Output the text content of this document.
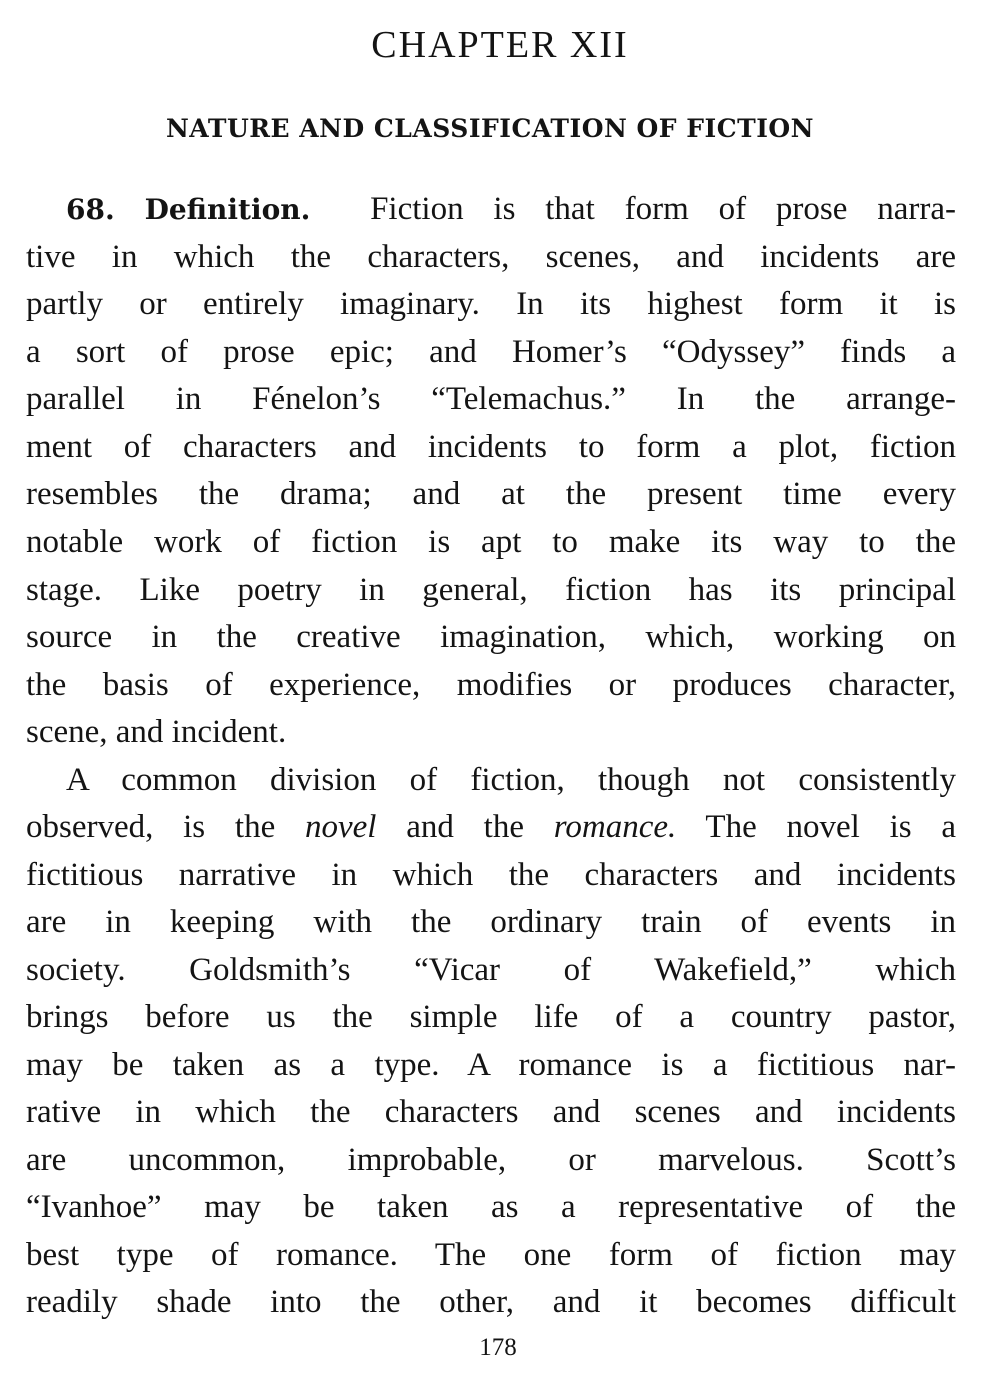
CHAPTER XII
NATURE AND CLASSIFICATION OF FICTION
68. Definition. Fiction is that form of prose narra-
tive in which the characters, scenes, and incidents are
partly or entirely imaginary. In its highest form it is
a sort of prose epic; and Homer’s “Odyssey” finds a
parallel in Fénelon’s “Telemachus.” In the arrange-
ment of characters and incidents to form a plot, fiction
resembles the drama; and at the present time every
notable work of fiction is apt to make its way to the
stage. Like poetry in general, fiction has its principal
source in the creative imagination, which, working on
the basis of experience, modifies or produces character,
scene, and incident.
A common division of fiction, though not consistently
observed, is the novel and the romance. The novel is a
fictitious narrative in which the characters and incidents
are in keeping with the ordinary train of events in
society. Goldsmith’s “Vicar of Wakefield,” which
brings before us the simple life of a country pastor,
may be taken as a type. A romance is a fictitious nar-
rative in which the characters and scenes and incidents
are uncommon, improbable, or marvelous. Scott’s
“Ivanhoe” may be taken as a representative of the
best type of romance. The one form of fiction may
readily shade into the other, and it becomes difficult
178
